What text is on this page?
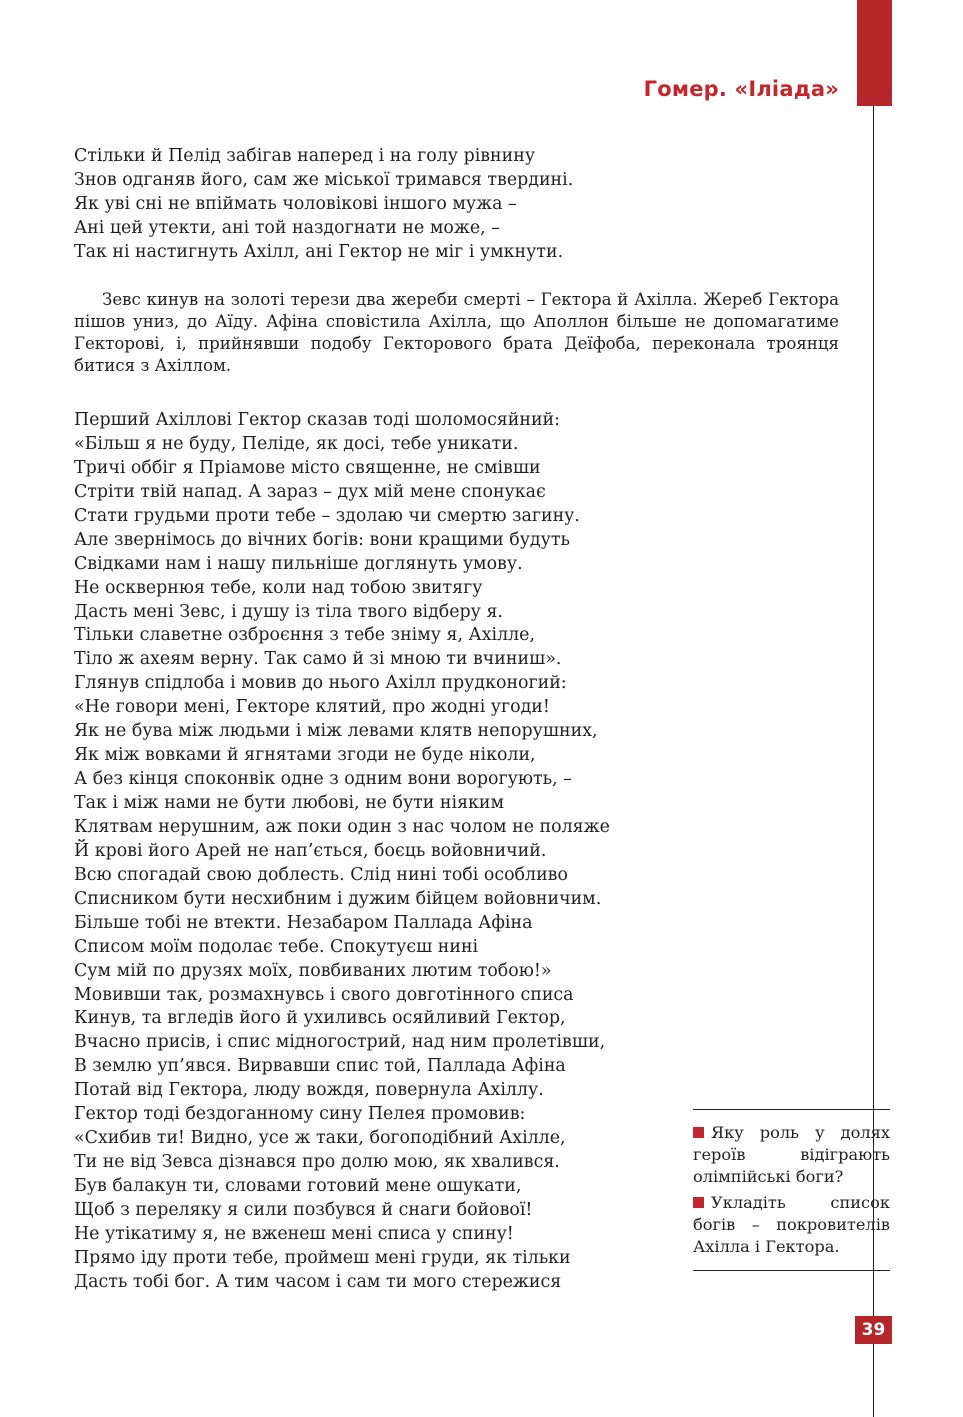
Гомер. «Іліада»
Стільки й Пелід забігав наперед і на голу рівнину
Знов одганяв його, сам же міської тримався твердині.
Як уві сні не впіймать чоловікові іншого мужа –
Ані цей утекти, ані той наздогнати не може, –
Так ні настигнуть Ахілл, ані Гектор не міг і умкнути.

Зевс кинув на золоті терези два жереби смерті – Гектора й Ахілла. Жереб Гектора пішов униз, до Аїду. Афіна сповістила Ахілла, що Аполлон більше не допомагатиме Гекторові, і, прийнявши подобу Гекторового брата Деїфоба, переконала троянця битися з Ахіллом.

Перший Ахіллові Гектор сказав тоді шоломосяйний:
«Більш я не буду, Пеліде, як досі, тебе уникати.
Тричі оббіг я Пріамове місто священне, не смівши
Стріти твій напад. А зараз – дух мій мене спонукає
Стати грудьми проти тебе – здолаю чи смертю загину.
Але звернімось до вічних богів: вони кращими будуть
Свідками нам і нашу пильніше доглянуть умову.
Не осквернюя тебе, коли над тобою звитягу
Дасть мені Зевс, і душу із тіла твого відберу я.
Тільки славетне озброєння з тебе зніму я, Ахілле,
Тіло ж ахеям верну. Так само й зі мною ти вчиниш».
Глянув спідлоба і мовив до нього Ахілл прудконогий:
«Не говори мені, Гекторе клятий, про жодні угоди!
Як не бува між людьми і між левами клятв непорушних,
Як між вовками й ягнятами згоди не буде ніколи,
А без кінця споконвік одне з одним вони ворогують, –
Так і між нами не бути любові, не бути ніяким
Клятвам нерушним, аж поки один з нас чолом не поляже
Й крові його Арей не нап’ється, боєць войовничий.
Всю спогадай свою доблесть. Слід нині тобі особливо
Списником бути несхибним і дужим бійцем войовничим.
Більше тобі не втекти. Незабаром Паллада Афіна
Списом моїм подолає тебе. Спокутуєш нині
Сум мій по друзях моїх, повбиваних лютим тобою!»
Мовивши так, розмахнувсь і свого довготінного списа
Кинув, та вгледів його й ухиливсь осяйливий Гектор,
Вчасно присів, і спис мідногострий, над ним пролетівши,
В землю уп’явся. Вирвавши спис той, Паллада Афіна
Потай від Гектора, люду вождя, повернула Ахіллу.
Гектор тоді бездоганному сину Пелея промовив:
«Схибив ти! Видно, усе ж таки, богоподібний Ахілле,
Ти не від Зевса дізнався про долю мою, як хвалився.
Був балакун ти, словами готовий мене ошукати,
Щоб з переляку я сили позбувся й снаги бойової!
Не утікатиму я, не вженеш мені списа у спину!
Прямо іду проти тебе, проймеш мені груди, як тільки
Дасть тобі бог. А тим часом і сам ти мого стережися

Яку роль у долях героїв відіграють олімпійські боги?

Укладіть список богів – покровителів Ахілла і Гектора.

39
